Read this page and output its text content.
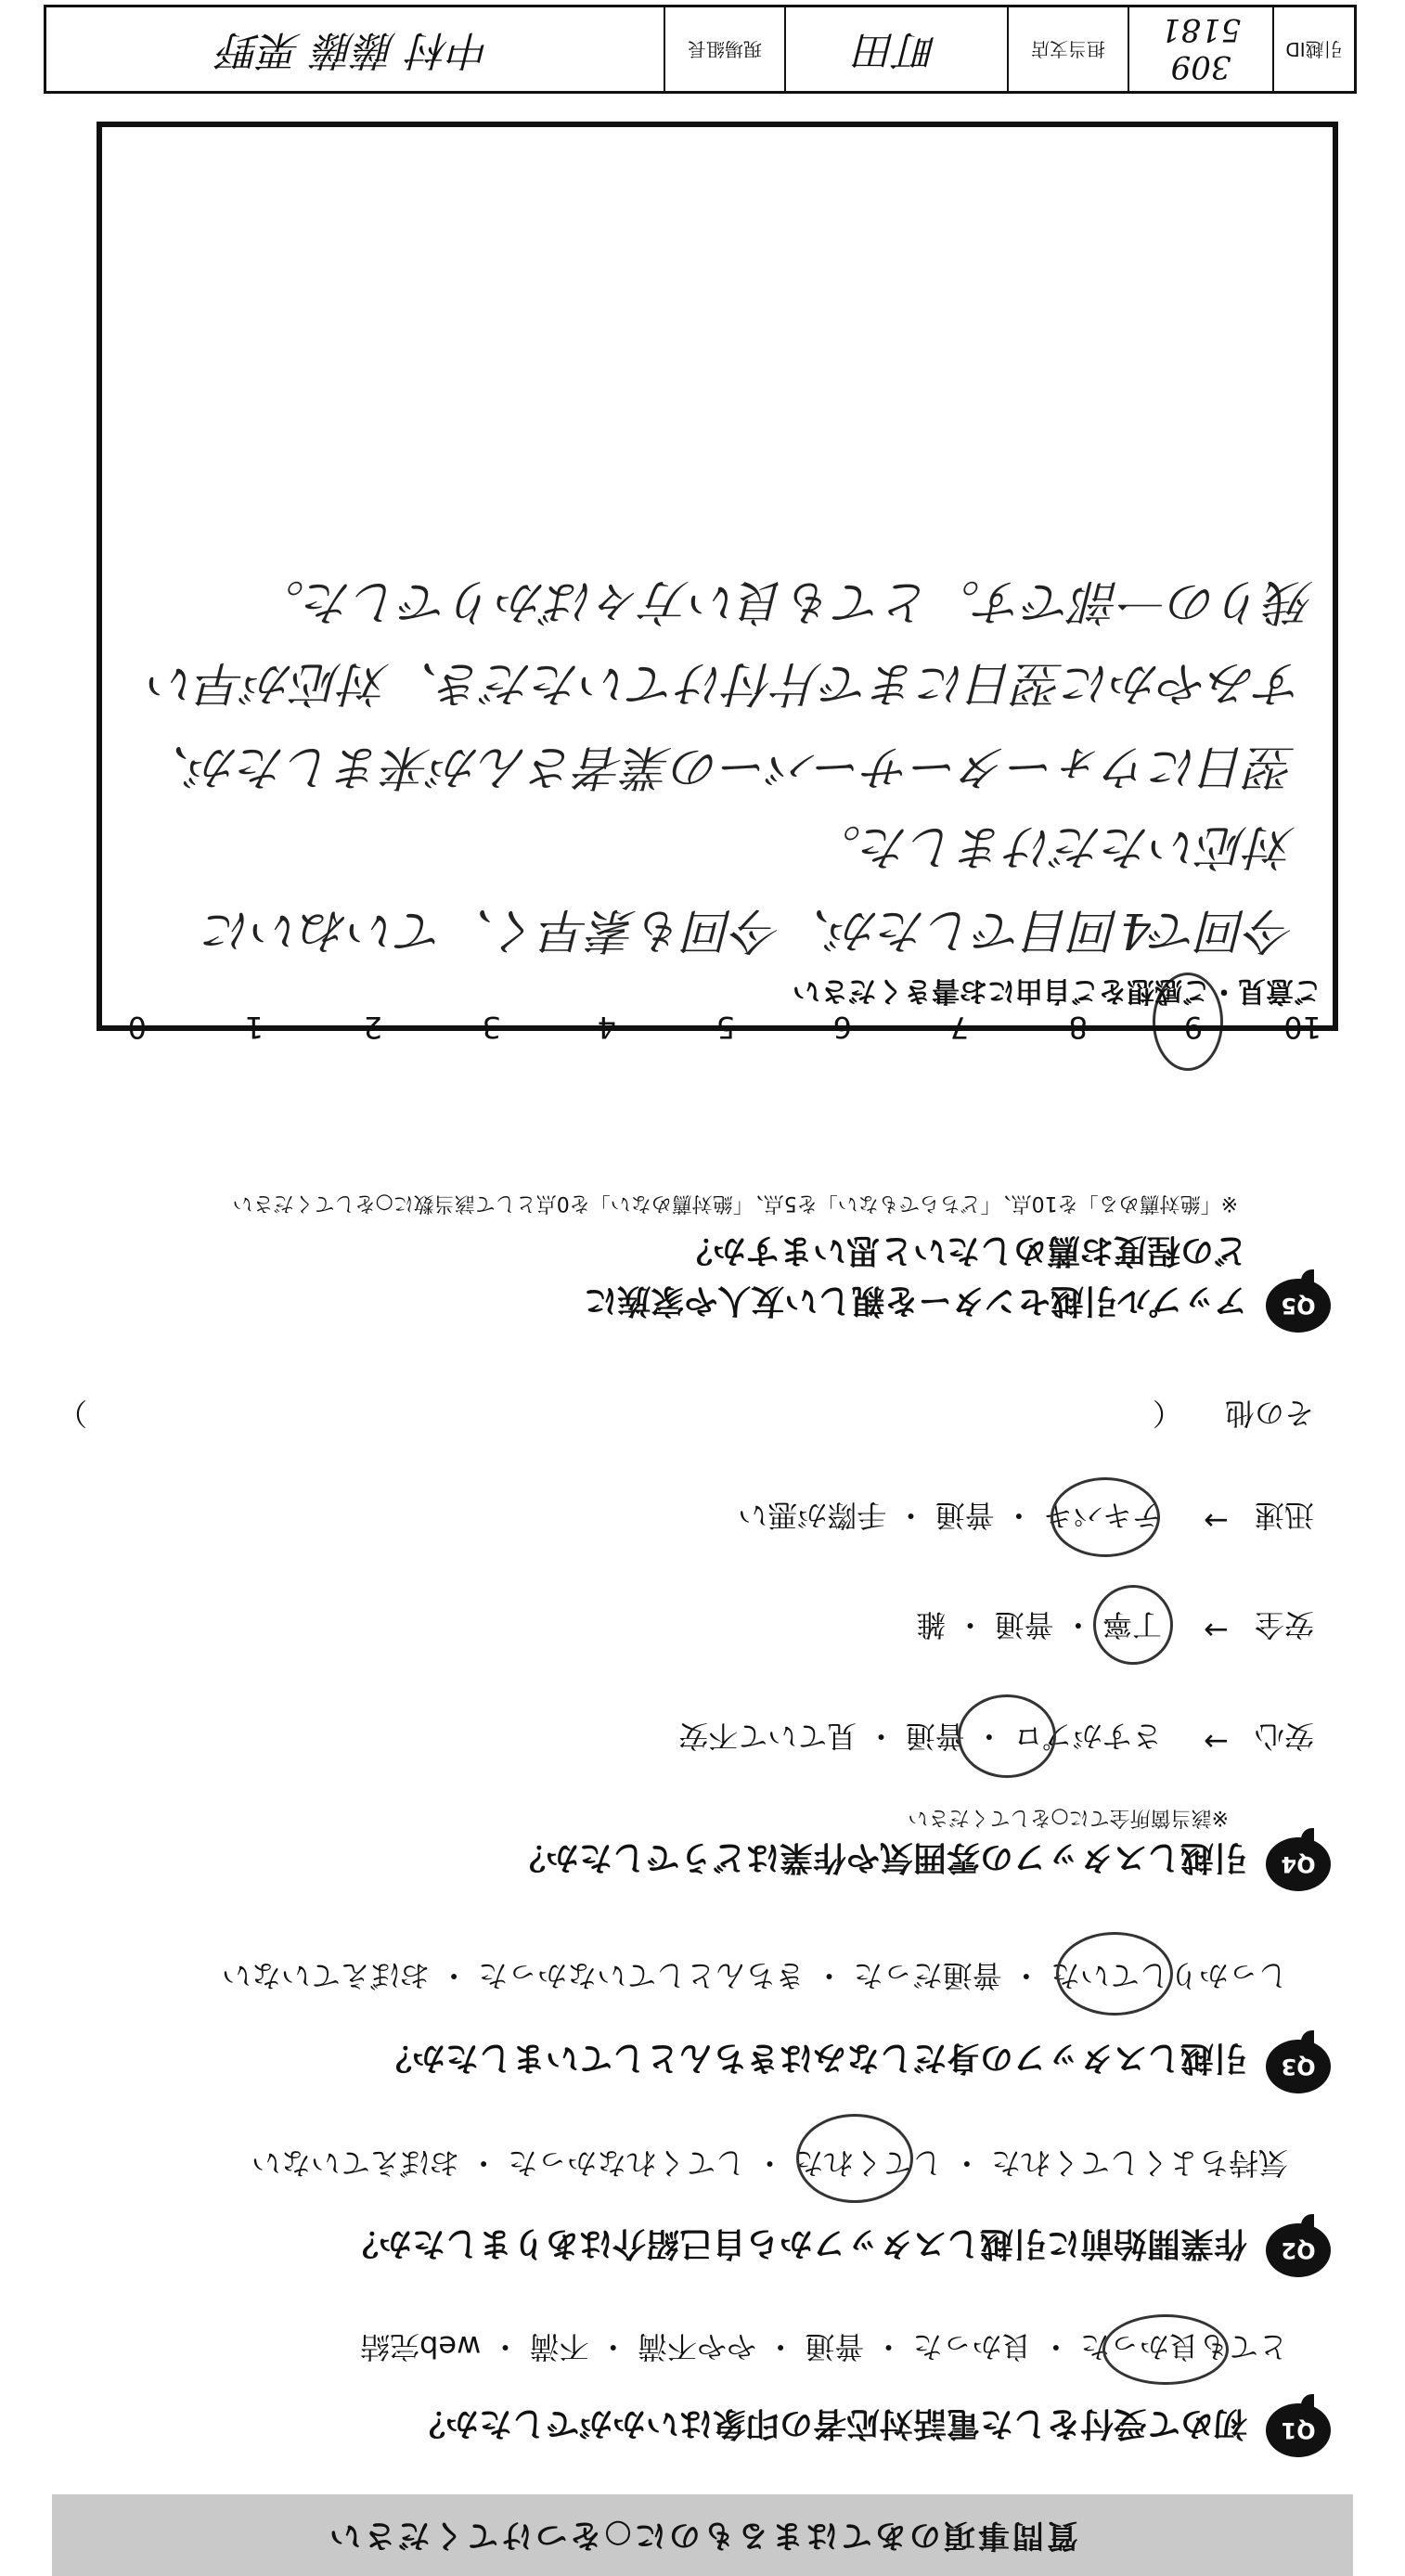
質問事項のあてはまるものに○をつけてください
Q1
初めて受付をした電話対応者の印象はいかがでしたか？
とても良かった ・ 良かった ・ 普通 ・ やや不満 ・ 不満 ・ web完結
Q2
作業開始前に引越しスタッフから自己紹介はありましたか？
気持ちよくしてくれた ・ してくれた ・ してくれなかった ・ おぼえていない
Q3
引越しスタッフの身だしなみはきちんとしていましたか？
しっかりしていた ・ 普通だった ・ きちんとしていなかった ・ おぼえていない
Q4
引越しスタッフの雰囲気や作業はどうでしたか？
※該当箇所全てに○をしてください
安心
→
さすがプロ ・ 普通 ・ 見ていて不安
安全
→
丁寧 ・ 普通 ・ 雑
迅速
→
テキパキ ・ 普通 ・ 手際が悪い
その他
（
）
Q5
アップル引越センターを親しい友人や家族に
どの程度お薦めしたいと思いますか？
※「絶対薦める」を10点、「どちらでもない」を5点、「絶対薦めない」を0点として該当数に○をしてください
10
9
8
7
6
5
4
3
2
1
0
ご意見・ご感想をご自由にお書きください
今回で4回目でしたが、今回も素早く、ていねいに
対応いただけました。
翌日にウォーターサーバーの業者さんが来ましたが、
すみやかに翌日にまで片付けていただき、対応が早い
残りの一部です。とても良い方々ばかりでした。
引越ID
309 5181
担当支店
町田
現場組長
中村 藤藤 栗野
